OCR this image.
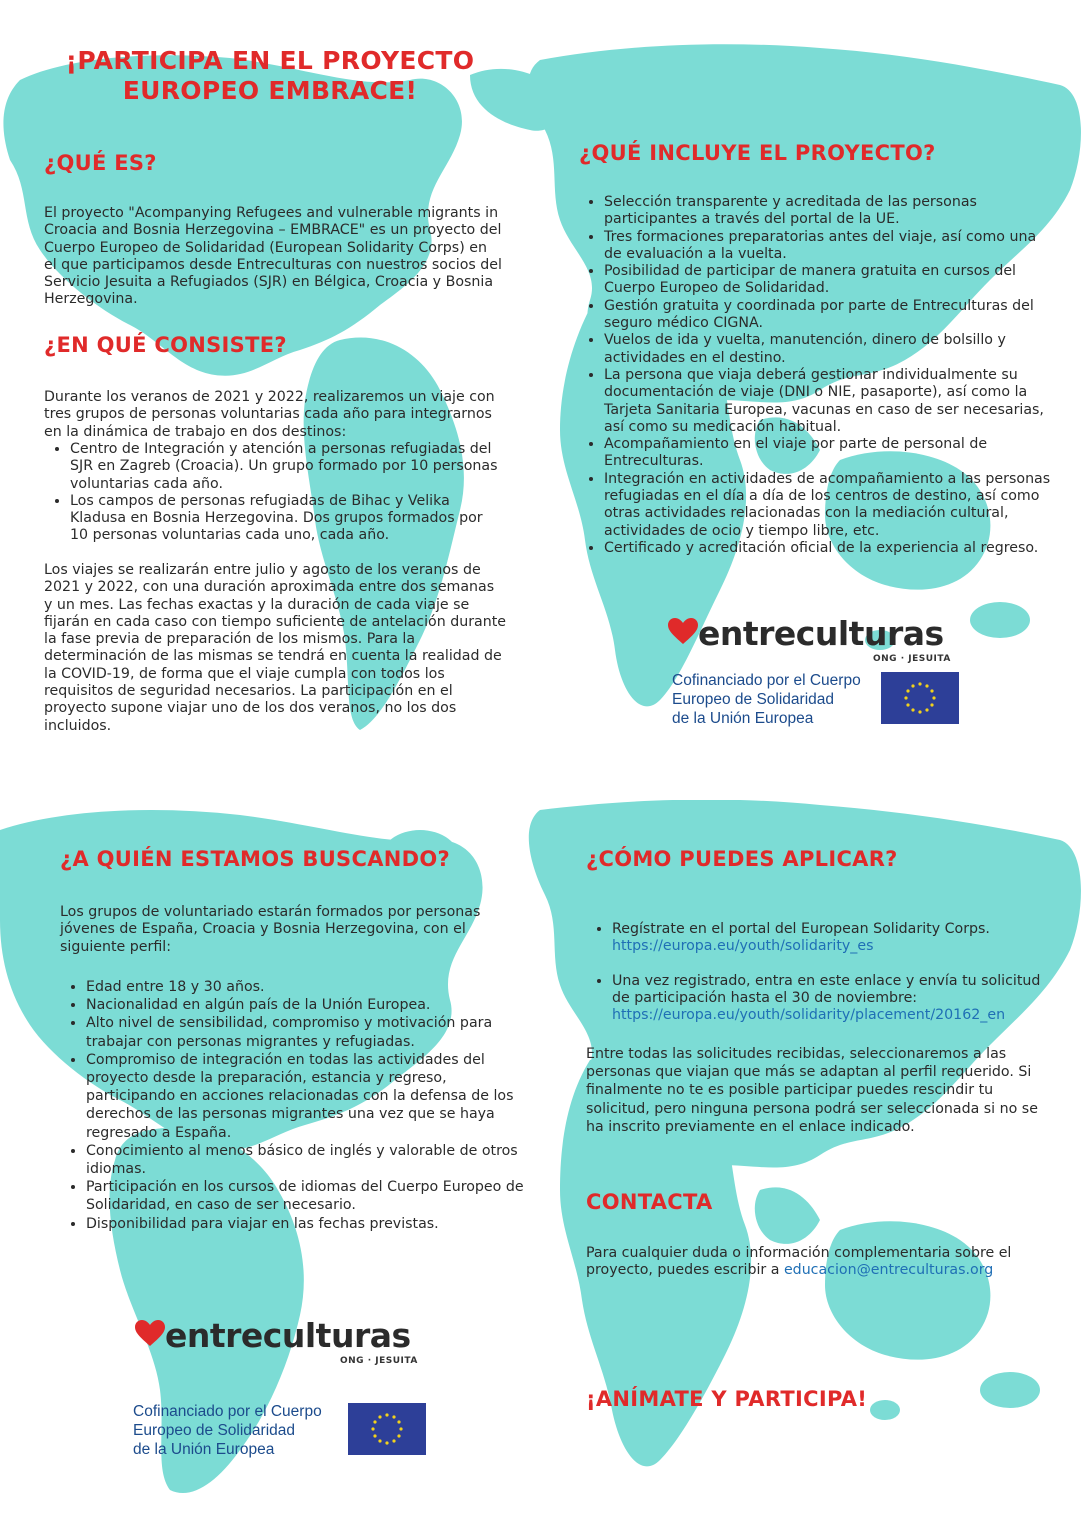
¡PARTICIPA EN EL PROYECTO EUROPEO EMBRACE!
¿QUÉ ES?

El proyecto "Acompanying Refugees and vulnerable migrants in Croacia and Bosnia Herzegovina – EMBRACE" es un proyecto del Cuerpo Europeo de Solidaridad (European Solidarity Corps) en el que participamos desde Entreculturas con nuestros socios del Servicio Jesuita a Refugiados (SJR) en Bélgica, Croacia y Bosnia Herzegovina.

¿EN QUÉ CONSISTE?

Durante los veranos de 2021 y 2022, realizaremos un viaje con tres grupos de personas voluntarias cada año para integrarnos en la dinámica de trabajo en dos destinos:

• Centro de Integración y atención a personas refugiadas del SJR en Zagreb (Croacia). Un grupo formado por 10 personas voluntarias cada año.
• Los campos de personas refugiadas de Bihac y Velika Kladusa en Bosnia Herzegovina. Dos grupos formados por 10 personas voluntarias cada uno, cada año.

Los viajes se realizarán entre julio y agosto de los veranos de 2021 y 2022, con una duración aproximada entre dos semanas y un mes. Las fechas exactas y la duración de cada viaje se fijarán en cada caso con tiempo suficiente de antelación durante la fase previa de preparación de los mismos. Para la determinación de las mismas se tendrá en cuenta la realidad de la COVID-19, de forma que el viaje cumpla con todos los requisitos de seguridad necesarios. La participación en el proyecto supone viajar uno de los dos veranos, no los dos incluidos.

¿QUÉ INCLUYE EL PROYECTO?
• Selección transparente y acreditada de las personas participantes a través del portal de la UE.
• Tres formaciones preparatorias antes del viaje, así como una de evaluación a la vuelta.
• Posibilidad de participar de manera gratuita en cursos del Cuerpo Europeo de Solidaridad.
• Gestión gratuita y coordinada por parte de Entreculturas del seguro médico CIGNA.
• Vuelos de ida y vuelta, manutención, dinero de bolsillo y actividades en el destino.
• La persona que viaja deberá gestionar individualmente su documentación de viaje (DNI o NIE, pasaporte), así como la Tarjeta Sanitaria Europea, vacunas en caso de ser necesarias, así como su medicación habitual.
• Acompañamiento en el viaje por parte de personal de Entreculturas.
• Integración en actividades de acompañamiento a las personas refugiadas en el día a día de los centros de destino, así como otras actividades relacionadas con la mediación cultural, actividades de ocio y tiempo libre, etc.
• Certificado y acreditación oficial de la experiencia al regreso.
entreculturas
ONG · JESUITA
Cofinanciado por el Cuerpo
Europeo de Solidaridad
de la Unión Europea
¿A QUIÉN ESTAMOS BUSCANDO?

Los grupos de voluntariado estarán formados por personas jóvenes de España, Croacia y Bosnia Herzegovina, con el siguiente perfil:

• Edad entre 18 y 30 años.
• Nacionalidad en algún país de la Unión Europea.
• Alto nivel de sensibilidad, compromiso y motivación para trabajar con personas migrantes y refugiadas.
• Compromiso de integración en todas las actividades del proyecto desde la preparación, estancia y regreso, participando en acciones relacionadas con la defensa de los derechos de las personas migrantes una vez que se haya regresado a España.
• Conocimiento al menos básico de inglés y valorable de otros idiomas.
• Participación en los cursos de idiomas del Cuerpo Europeo de Solidaridad, en caso de ser necesario.
• Disponibilidad para viajar en las fechas previstas.
entreculturas
ONG · JESUITA
Cofinanciado por el Cuerpo
Europeo de Solidaridad
de la Unión Europea
¿CÓMO PUEDES APLICAR?
• Regístrate en el portal del European Solidarity Corps.
https://europa.eu/youth/solidarity_es
• Una vez registrado, entra en este enlace y envía tu solicitud de participación hasta el 30 de noviembre: https://europa.eu/youth/solidarity/placement/20162_en

Entre todas las solicitudes recibidas, seleccionaremos a las personas que viajan que más se adaptan al perfil requerido. Si finalmente no te es posible participar puedes rescindir tu solicitud, pero ninguna persona podrá ser seleccionada si no se ha inscrito previamente en el enlace indicado.

CONTACTA

Para cualquier duda o información complementaria sobre el proyecto, puedes escribir a educacion@entreculturas.org

¡ANÍMATE Y PARTICIPA!
